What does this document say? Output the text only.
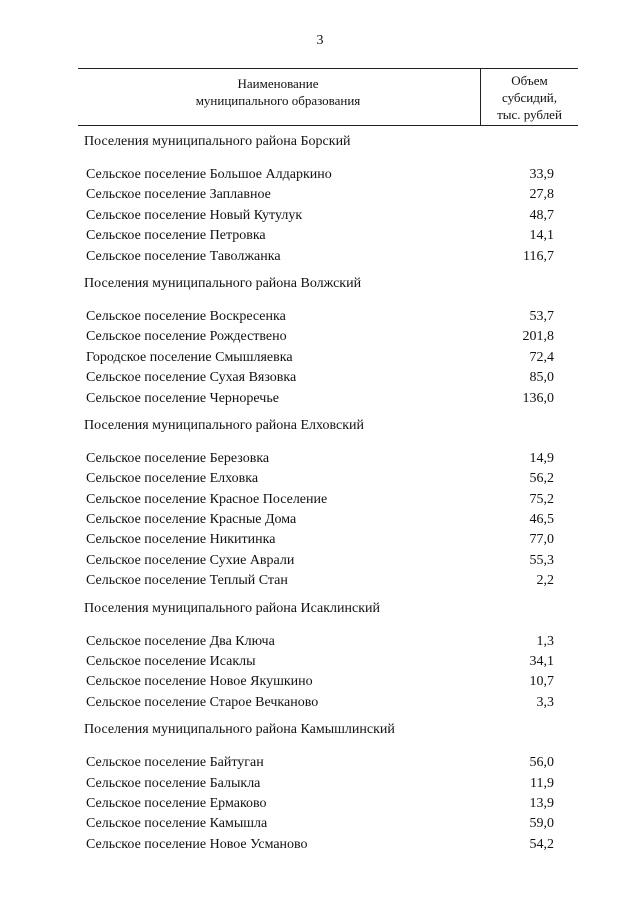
3
Наименование
муниципального образования
Объем
субсидий,
тыс. рублей
Поселения муниципального района Борский
Сельское поселение Большое Алдаркино	33,9
Сельское поселение Заплавное	27,8
Сельское поселение Новый Кутулук	48,7
Сельское поселение Петровка	14,1
Сельское поселение Таволжанка	116,7
Поселения муниципального района Волжский
Сельское поселение Воскресенка	53,7
Сельское поселение Рождествено	201,8
Городское поселение Смышляевка	72,4
Сельское поселение Сухая Вязовка	85,0
Сельское поселение Черноречье	136,0
Поселения муниципального района Елховский
Сельское поселение Березовка	14,9
Сельское поселение Елховка	56,2
Сельское поселение Красное Поселение	75,2
Сельское поселение Красные Дома	46,5
Сельское поселение Никитинка	77,0
Сельское поселение Сухие Аврали	55,3
Сельское поселение Теплый Стан	2,2
Поселения муниципального района Исаклинский
Сельское поселение Два Ключа	1,3
Сельское поселение Исаклы	34,1
Сельское поселение Новое Якушкино	10,7
Сельское поселение Старое Вечканово	3,3
Поселения муниципального района Камышлинский
Сельское поселение Байтуган	56,0
Сельское поселение Балыкла	11,9
Сельское поселение Ермаково	13,9
Сельское поселение Камышла	59,0
Сельское поселение Новое Усманово	54,2
